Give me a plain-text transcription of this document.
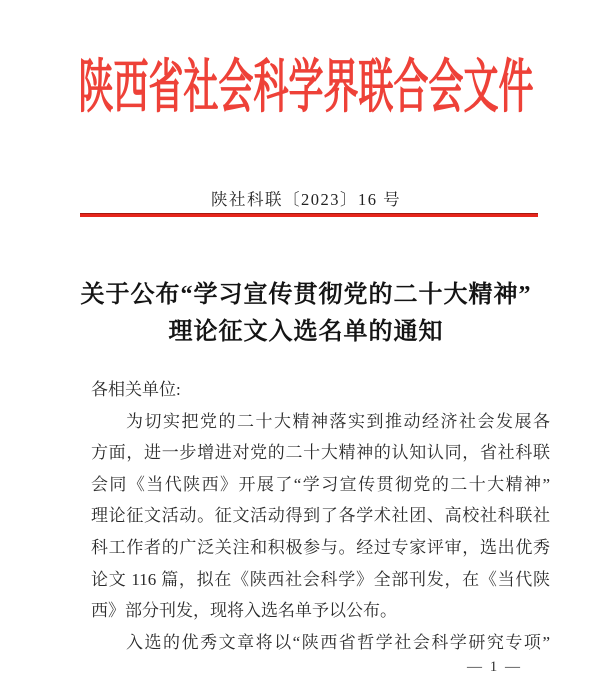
陕西省社会科学界联合会文件
陕社科联〔2023〕16 号
关于公布“学习宣传贯彻党的二十大精神”
理论征文入选名单的通知
各相关单位:
为切实把党的二十大精神落实到推动经济社会发展各
方面，进一步增进对党的二十大精神的认知认同，省社科联
会同《当代陕西》开展了“学习宣传贯彻党的二十大精神”
理论征文活动。征文活动得到了各学术社团、高校社科联社
科工作者的广泛关注和积极参与。经过专家评审，选出优秀
论文 116 篇，拟在《陕西社会科学》全部刊发，在《当代陕
西》部分刊发，现将入选名单予以公布。
入选的优秀文章将以“陕西省哲学社会科学研究专项”
— 1 —
